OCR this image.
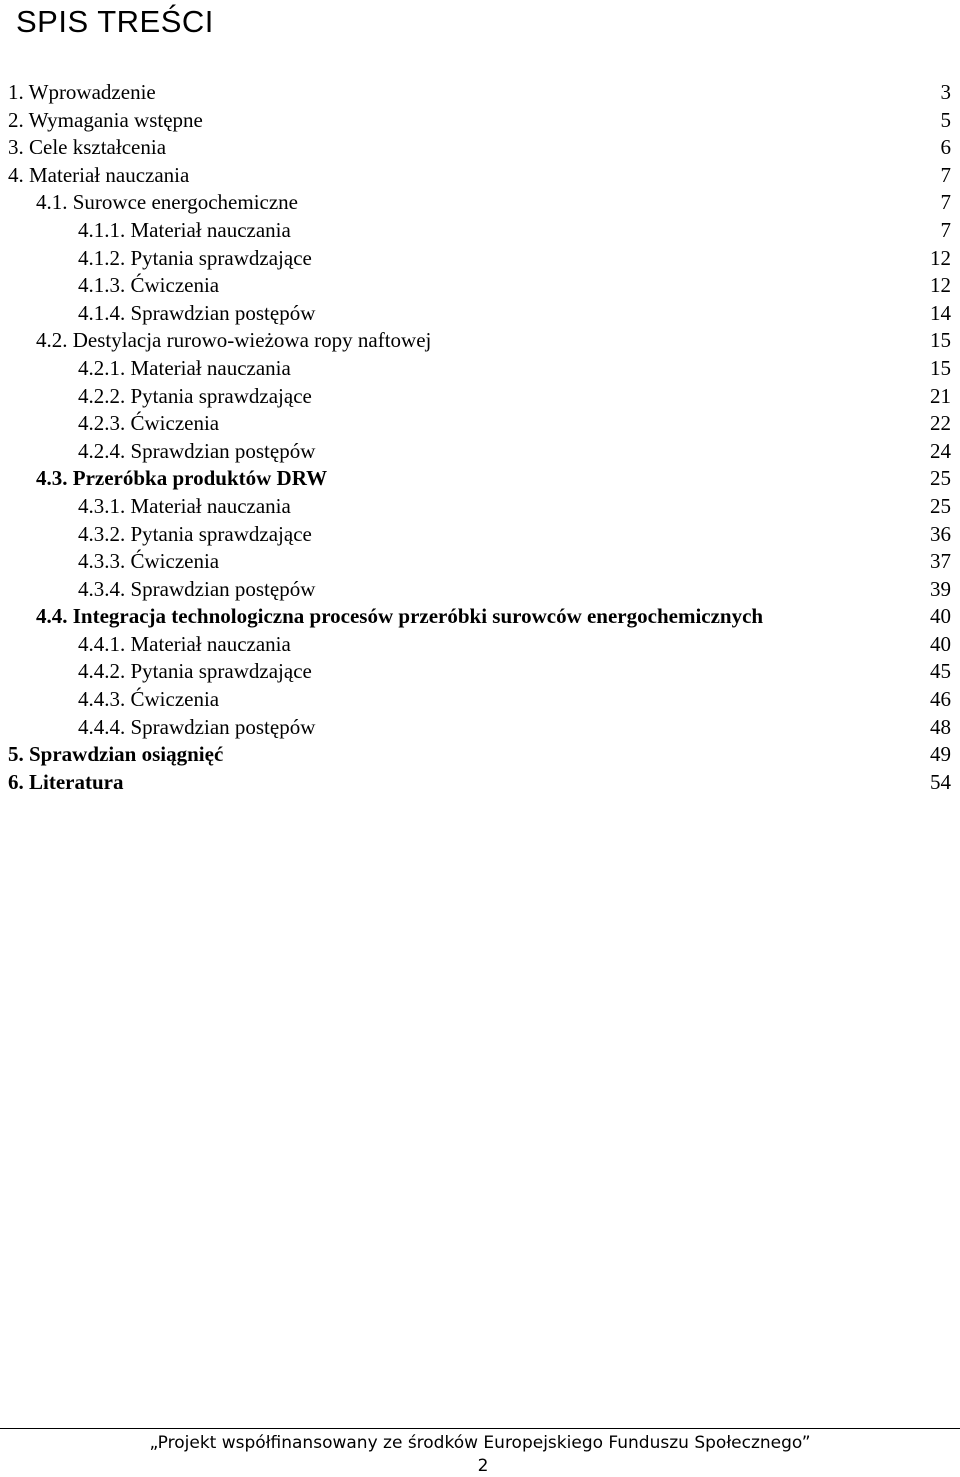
SPIS TREŚCI
1. Wprowadzenie	3
2. Wymagania wstępne	5
3. Cele kształcenia	6
4. Materiał nauczania	7
4.1. Surowce energochemiczne	7
4.1.1. Materiał nauczania	7
4.1.2. Pytania sprawdzające	12
4.1.3. Ćwiczenia	12
4.1.4. Sprawdzian postępów	14
4.2. Destylacja rurowo-wieżowa ropy naftowej	15
4.2.1. Materiał nauczania	15
4.2.2. Pytania sprawdzające	21
4.2.3. Ćwiczenia	22
4.2.4. Sprawdzian postępów	24
4.3. Przeróbka produktów DRW	25
4.3.1. Materiał nauczania	25
4.3.2. Pytania sprawdzające	36
4.3.3. Ćwiczenia	37
4.3.4. Sprawdzian postępów	39
4.4. Integracja technologiczna procesów przeróbki surowców energochemicznych	40
4.4.1. Materiał nauczania	40
4.4.2. Pytania sprawdzające	45
4.4.3. Ćwiczenia	46
4.4.4. Sprawdzian postępów	48
5. Sprawdzian osiągnięć	49
6. Literatura	54
„Projekt współfinansowany ze środków Europejskiego Funduszu Społecznego”
2
